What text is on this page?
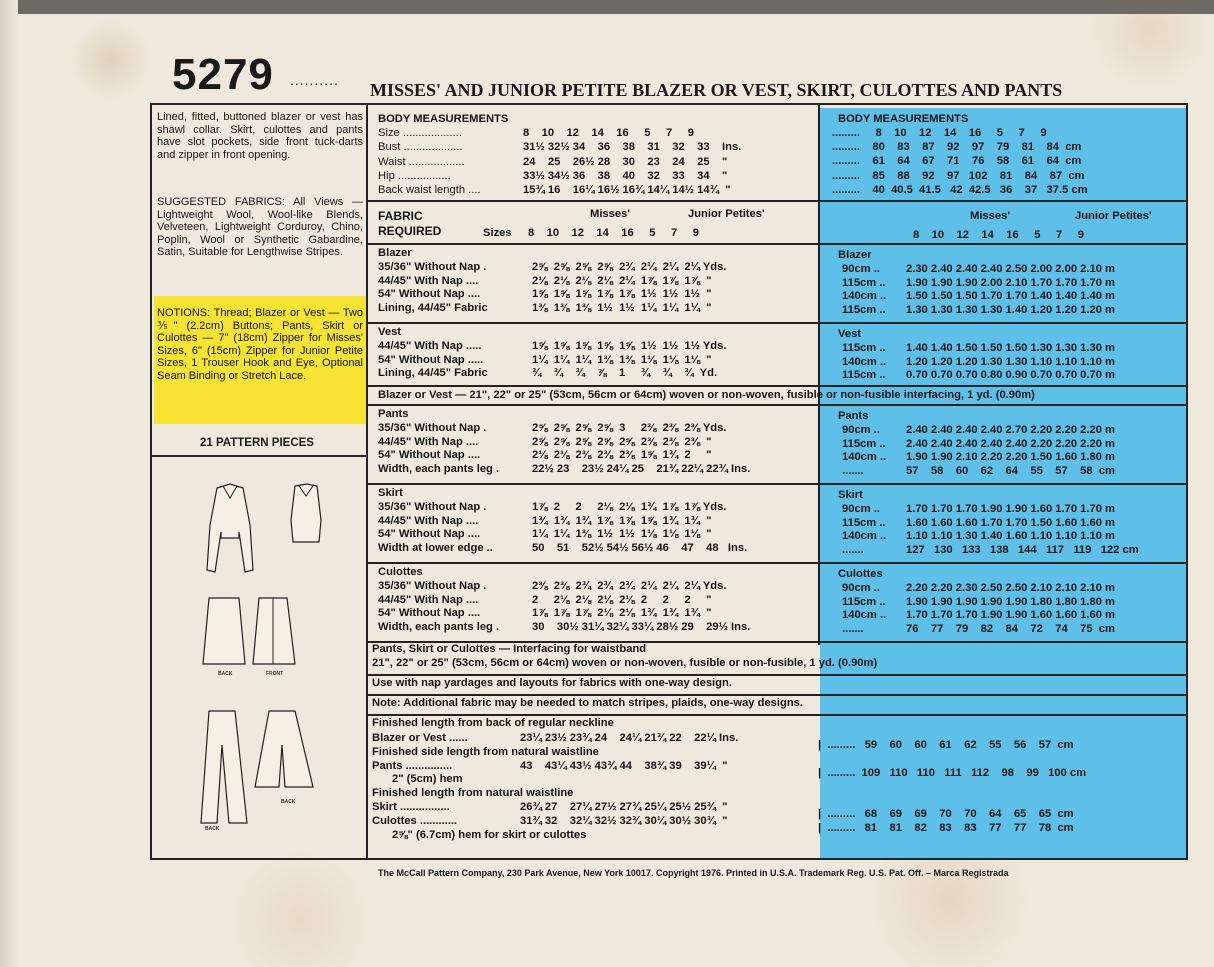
5279 .......... MISSES' AND JUNIOR PETITE BLAZER OR VEST, SKIRT, CULOTTES AND PANTS
Lined, fitted, buttoned blazer or vest has shawl collar. Skirt, culottes and pants have slot pockets, side front tuck-darts and zipper in front opening.
SUGGESTED FABRICS: All Views — Lightweight Wool, Wool-like Blends, Velveteen, Lightweight Corduroy, Chino, Poplin, Wool or Synthetic Gabardine, Satin, Suitable for Lengthwise Stripes.
NOTIONS: Thread; Blazer or Vest — Two ⅗" (2.2cm) Buttons; Pants, Skirt or Culottes — 7" (18cm) Zipper for Misses' Sizes, 6" (15cm) Zipper for Junior Petite Sizes, 1 Trouser Hook and Eye, Optional Seam Binding or Stretch Lace.
21 PATTERN PIECES
BACK	FRONT
BACK
BACK
The McCall Pattern Company, 230 Park Avenue, New York 10017. Copyright 1976. Printed in U.S.A. Trademark Reg. U.S. Pat. Off. – Marca Registrada
BODY MEASUREMENTS
Size ...................	8    10    12    14    16     5     7     9
Bust ...................	31½ 32½ 34    36    38    31    32    33    Ins.
Waist ..................	24    25    26½ 28    30    23    24    25    "
Hip .................	33½ 34½ 36    38    40    32    33    34    "
Back waist length ....	15¾ 16    16¼ 16½ 16¾ 14¼ 14½ 14¾  "
BODY MEASUREMENTS
.........     8    10    12    14    16     5     7     9
.........    80    83    87    92    97    79    81    84  cm
.........    61    64    67    71    76    58    61    64  cm
.........    85    88    92    97   102    81    84    87  cm
.........    40  40.5  41.5   42  42.5   36    37   37.5 cm
FABRIC
REQUIRED	Sizes 8    10    12    14    16     5     7     9
Misses'	Junior Petites'	Misses'	Junior Petites'
8    10    12    14    16     5     7     9
Blazer
35/36" Without Nap .	2⅝  2⅝  2⅝  2⅝  2¾  2¼  2¼  2¼ Yds.
44/45" With Nap ....	2⅛  2⅛  2⅛  2⅛  2¼  1⅞  1⅞  1⅞  "
54" Without Nap ....	1⅝  1⅝  1⅝  1⅞  1⅞  1½  1½  1½  "
Lining, 44/45" Fabric	1⅜  1⅜  1⅜  1½  1½  1¼  1¼  1¼  "
Blazer
90cm .. 2.30 2.40 2.40 2.40 2.50 2.00 2.00 2.10 m
115cm .. 1.90 1.90 1.90 2.00 2.10 1.70 1.70 1.70 m
140cm .. 1.50 1.50 1.50 1.70 1.70 1.40 1.40 1.40 m
115cm .. 1.30 1.30 1.30 1.30 1.40 1.20 1.20 1.20 m
Vest
44/45" With Nap .....	1⅝  1⅝  1⅝  1⅝  1⅝  1½  1½  1½ Yds.
54" Without Nap .....	1¼  1¼  1¼  1⅜  1⅜  1⅛  1⅛  1⅛  "
Lining, 44/45" Fabric	¾    ¾    ¾    ⅞    1     ¾    ¾    ¾  Yd.
Vest
115cm .. 1.40 1.40 1.50 1.50 1.50 1.30 1.30 1.30 m
140cm .. 1.20 1.20 1.20 1.30 1.30 1.10 1.10 1.10 m
115cm .. 0.70 0.70 0.70 0.80 0.90 0.70 0.70 0.70 m
Pants
35/36" Without Nap .	2⅝  2⅝  2⅝  2⅝  3     2⅜  2⅜  2⅜ Yds.
44/45" With Nap ....	2⅝  2⅝  2⅝  2⅝  2⅝  2⅜  2⅜  2⅜  "
54" Without Nap ....	2⅛  2⅛  2⅜  2⅜  2⅜  1⅝  1¾  2     "
Width, each pants leg .	22½ 23    23½ 24¼ 25    21¾ 22¼ 22¾ Ins.
Pants
90cm .. 2.40 2.40 2.40 2.40 2.70 2.20 2.20 2.20 m
115cm .. 2.40 2.40 2.40 2.40 2.40 2.20 2.20 2.20 m
140cm .. 1.90 1.90 2.10 2.20 2.20 1.50 1.60 1.80 m
.......	57    58    60    62    64    55    57    58  cm
Skirt
35/36" Without Nap .	1⅞  2     2     2⅛  2⅛  1¾  1⅞  1⅞ Yds.
44/45" With Nap ....	1¾  1¾  1¾  1⅞  1⅞  1⅝  1¾  1¾  "
54" Without Nap ....	1¼  1¼  1⅜  1½  1½  1⅛  1⅛  1⅛  "
Width at lower edge ..	50    51    52½ 54½ 56½ 46    47    48   Ins.
Skirt
90cm .. 1.70 1.70 1.70 1.90 1.90 1.60 1.70 1.70 m
115cm .. 1.60 1.60 1.60 1.70 1.70 1.50 1.60 1.60 m
140cm .. 1.10 1.10 1.30 1.40 1.60 1.10 1.10 1.10 m
.......	127   130   133   138   144   117   119   122 cm
Culottes
35/36" Without Nap .	2⅜  2⅜  2¾  2¾  2¾  2¼  2¼  2¼ Yds.
44/45" With Nap ....	2     2⅛  2⅛  2⅛  2⅛  2     2     2     "
54" Without Nap ....	1⅞  1⅞  1⅞  2⅛  2⅛  1¾  1¾  1¾  "
Width, each pants leg .	30    30½ 31¼ 32¼ 33¼ 28½ 29    29½ Ins.
Culottes
90cm .. 2.20 2.20 2.30 2.50 2.50 2.10 2.10 2.10 m
115cm .. 1.90 1.90 1.90 1.90 1.90 1.80 1.80 1.80 m
140cm .. 1.70 1.70 1.70 1.90 1.90 1.60 1.60 1.60 m
.......	76    77    79    82    84    72    74    75  cm
Blazer or Vest — 21", 22" or 25" (53cm, 56cm or 64cm) woven or non-woven, fusible or non-fusible interfacing, 1 yd. (0.90m)
Pants, Skirt or Culottes — Interfacing for waistband
21", 22" or 25" (53cm, 56cm or 64cm) woven or non-woven, fusible or non-fusible, 1 yd. (0.90m)
Use with nap yardages and layouts for fabrics with one-way design.
Note: Additional fabric may be needed to match stripes, plaids, one-way designs.
Finished length from back of regular neckline
Blazer or Vest ......	23¼ 23½ 23¾ 24    24¼ 21¾ 22    22¼ Ins.
Finished side length from natural waistline
Pants ...............	43    43¼ 43½ 43¾ 44    38¾ 39    39¼  "
2" (5cm) hem
Finished length from natural waistline
Skirt ................	26¾ 27    27¼ 27½ 27¾ 25¼ 25½ 25¾  "
Culottes ............	31¾ 32    32¼ 32½ 32¾ 30¼ 30½ 30¾  "
2⅝" (6.7cm) hem for skirt or culottes
|  .........   59    60    60    61    62    55    56    57  cm
|  .........  109   110   110   111   112    98    99   100 cm
|  .........   68    69    69    70    70    64    65    65  cm
|  .........   81    81    82    83    83    77    77    78  cm
